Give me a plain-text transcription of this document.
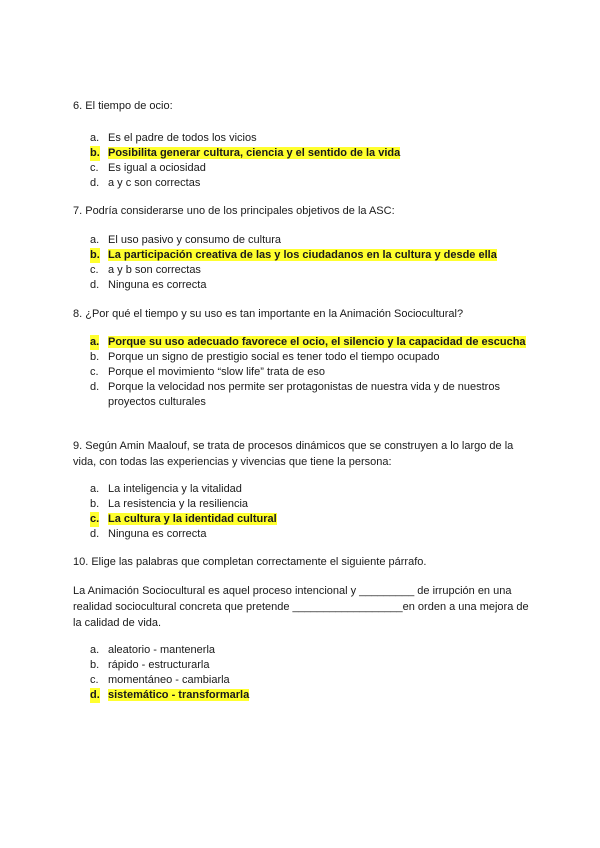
6. El tiempo de ocio:

a. Es el padre de todos los vicios
b. Posibilita generar cultura, ciencia y el sentido de la vida
c. Es igual a ociosidad
d. a y c son correctas

7. Podría considerarse uno de los principales objetivos de la ASC:

a. El uso pasivo y consumo de cultura
b. La participación creativa de las y los ciudadanos en la cultura y desde ella
c. a y b son correctas
d. Ninguna es correcta

8. ¿Por qué el tiempo y su uso es tan importante en la Animación Sociocultural?

a. Porque su uso adecuado favorece el ocio, el silencio y la capacidad de escucha
b. Porque un signo de prestigio social es tener todo el tiempo ocupado
c. Porque el movimiento “slow life” trata de eso
d. Porque la velocidad nos permite ser protagonistas de nuestra vida y de nuestros proyectos culturales

9. Según Amin Maalouf, se trata de procesos dinámicos que se construyen a lo largo de la vida, con todas las experiencias y vivencias que tiene la persona:

a. La inteligencia y la vitalidad
b. La resistencia y la resiliencia
c. La cultura y la identidad cultural
d. Ninguna es correcta

10. Elige las palabras que completan correctamente el siguiente párrafo.

La Animación Sociocultural es aquel proceso intencional y _________ de irrupción en una realidad sociocultural concreta que pretende __________________en orden a una mejora de la calidad de vida.

a. aleatorio - mantenerla
b. rápido - estructurarla
c. momentáneo - cambiarla
d. sistemático - transformarla
